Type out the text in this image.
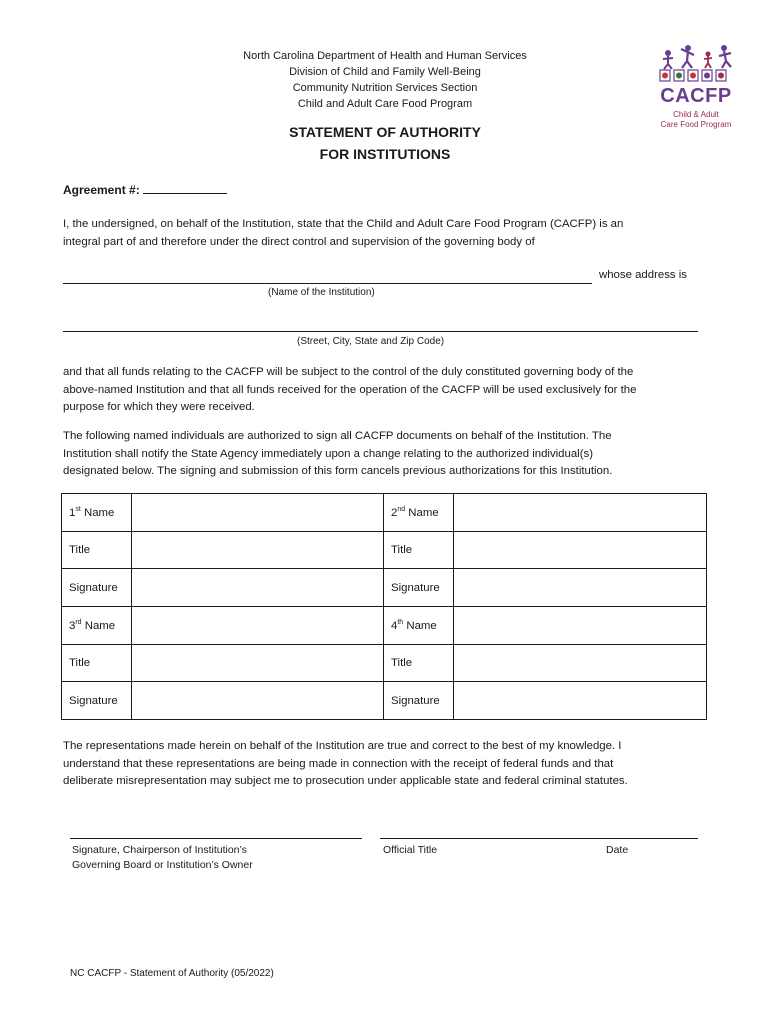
North Carolina Department of Health and Human Services
Division of Child and Family Well-Being
Community Nutrition Services Section
Child and Adult Care Food Program	CACFP
Child & Adult
Care Food Program
STATEMENT OF AUTHORITY
FOR INSTITUTIONS
Agreement #:
I, the undersigned, on behalf of the Institution, state that the Child and Adult Care Food Program (CACFP) is an
integral part of and therefore under the direct control and supervision of the governing body of
whose address is
(Name of the Institution)
(Street, City, State and Zip Code)
and that all funds relating to the CACFP will be subject to the control of the duly constituted governing body of the
above-named Institution and that all funds received for the operation of the CACFP will be used exclusively for the
purpose for which they were received.
The following named individuals are authorized to sign all CACFP documents on behalf of the Institution. The
Institution shall notify the State Agency immediately upon a change relating to the authorized individual(s)
designated below. The signing and submission of this form cancels previous authorizations for this Institution.
1st Name		2nd Name	
Title		Title	
Signature		Signature	
3rd Name		4th Name	
Title		Title	
Signature		Signature	
The representations made herein on behalf of the Institution are true and correct to the best of my knowledge. I
understand that these representations are being made in connection with the receipt of federal funds and that
deliberate misrepresentation may subject me to prosecution under applicable state and federal criminal statutes.
Signature, Chairperson of Institution’s
Governing Board or Institution’s Owner
Official Title	Date
NC CACFP - Statement of Authority (05/2022)
